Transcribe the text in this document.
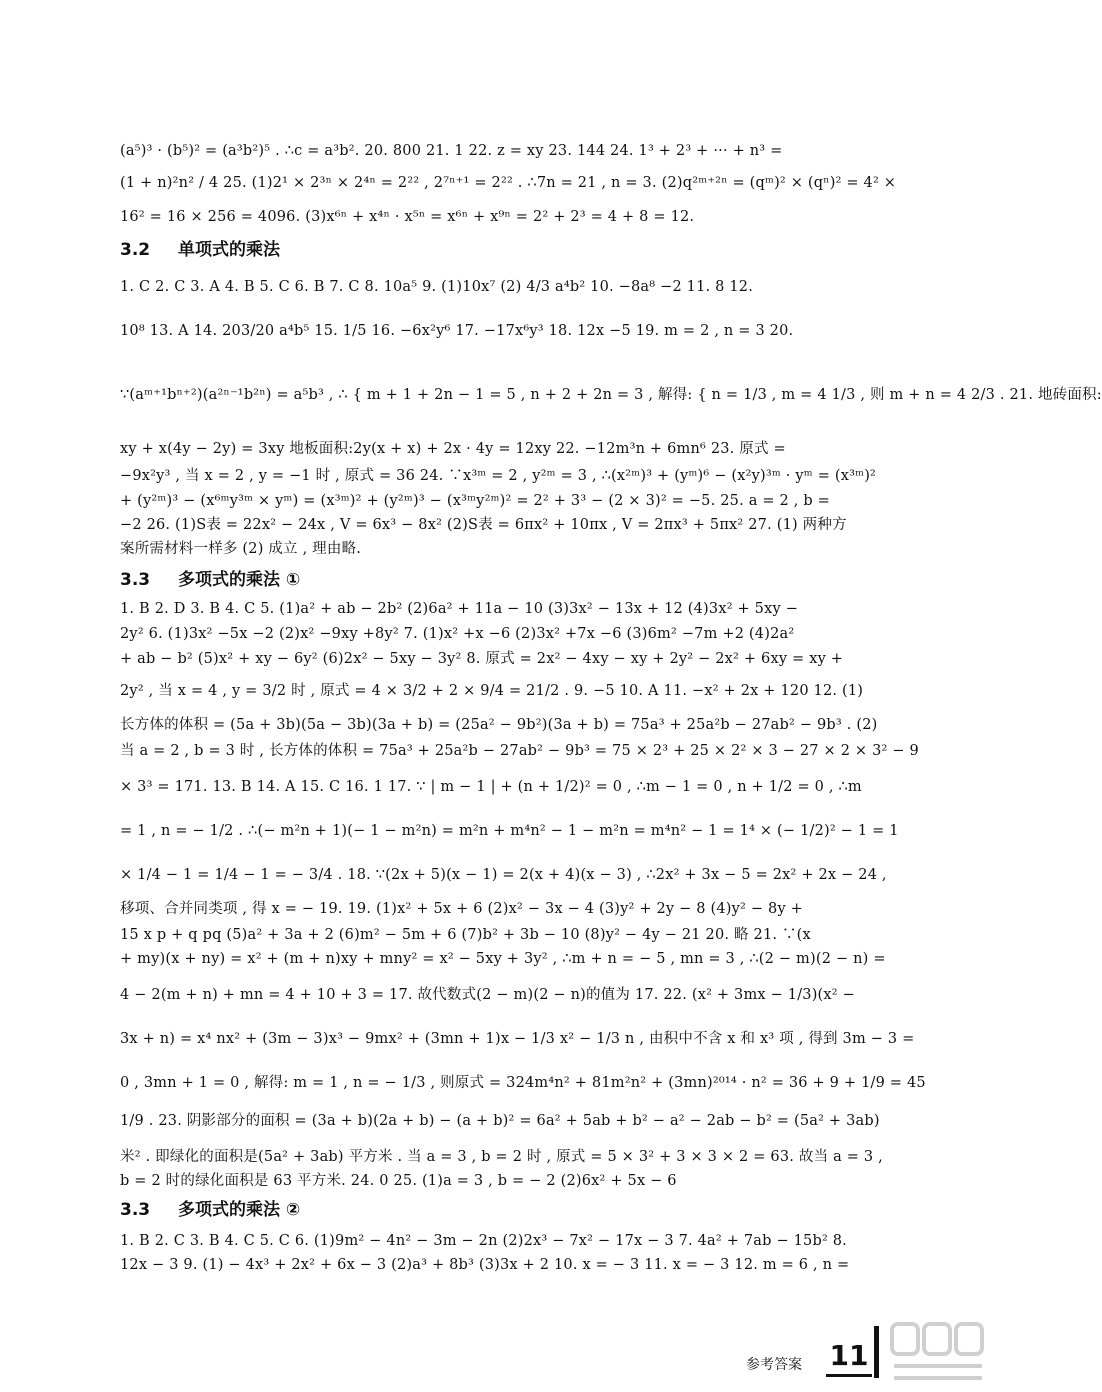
(a⁵)³ · (b⁵)² = (a³b²)⁵ . ∴c = a³b². 20. 800 21. 1 22. z = xy 23. 144 24. 1³ + 2³ + ··· + n³ =
(1 + n)²n² / 4 25. (1)2¹ × 2³ⁿ × 2⁴ⁿ = 2²² , 2⁷ⁿ⁺¹ = 2²² . ∴7n = 21 , n = 3. (2)q²ᵐ⁺²ⁿ = (qᵐ)² × (qⁿ)² = 4² ×
16² = 16 × 256 = 4096. (3)x⁶ⁿ + x⁴ⁿ · x⁵ⁿ = x⁶ⁿ + x⁹ⁿ = 2² + 2³ = 4 + 8 = 12.
3.2 单项式的乘法
1. C 2. C 3. A 4. B 5. C 6. B 7. C 8. 10a⁵ 9. (1)10x⁷ (2) 4/3 a⁴b² 10. −8a⁸ −2 11. 8 12.
10⁸ 13. A 14. 203/20 a⁴b⁵ 15. 1/5 16. −6x²y⁶ 17. −17x⁶y³ 18. 12x −5 19. m = 2 , n = 3 20.
∵(aᵐ⁺¹bⁿ⁺²)(a²ⁿ⁻¹b²ⁿ) = a⁵b³ , ∴ { m + 1 + 2n − 1 = 5 , n + 2 + 2n = 3 , 解得: { n = 1/3 , m = 4 1/3 , 则 m + n = 4 2/3 . 21. 地砖面积:
xy + x(4y − 2y) = 3xy 地板面积:2y(x + x) + 2x · 4y = 12xy 22. −12m³n + 6mn⁶ 23. 原式 =
−9x²y³ , 当 x = 2 , y = −1 时 , 原式 = 36 24. ∵x³ᵐ = 2 , y²ᵐ = 3 , ∴(x²ᵐ)³ + (yᵐ)⁶ − (x²y)³ᵐ · yᵐ = (x³ᵐ)²
+ (y²ᵐ)³ − (x⁶ᵐy³ᵐ × yᵐ) = (x³ᵐ)² + (y²ᵐ)³ − (x³ᵐy²ᵐ)² = 2² + 3³ − (2 × 3)² = −5. 25. a = 2 , b =
−2 26. (1)S表 = 22x² − 24x , V = 6x³ − 8x² (2)S表 = 6πx² + 10πx , V = 2πx³ + 5πx² 27. (1) 两种方
案所需材料一样多 (2) 成立 , 理由略.
3.3 多项式的乘法 ①
1. B 2. D 3. B 4. C 5. (1)a² + ab − 2b² (2)6a² + 11a − 10 (3)3x² − 13x + 12 (4)3x² + 5xy −
2y² 6. (1)3x² −5x −2 (2)x² −9xy +8y² 7. (1)x² +x −6 (2)3x² +7x −6 (3)6m² −7m +2 (4)2a²
+ ab − b² (5)x² + xy − 6y² (6)2x² − 5xy − 3y² 8. 原式 = 2x² − 4xy − xy + 2y² − 2x² + 6xy = xy +
2y² , 当 x = 4 , y = 3/2 时 , 原式 = 4 × 3/2 + 2 × 9/4 = 21/2 . 9. −5 10. A 11. −x² + 2x + 120 12. (1)
长方体的体积 = (5a + 3b)(5a − 3b)(3a + b) = (25a² − 9b²)(3a + b) = 75a³ + 25a²b − 27ab² − 9b³ . (2)
当 a = 2 , b = 3 时 , 长方体的体积 = 75a³ + 25a²b − 27ab² − 9b³ = 75 × 2³ + 25 × 2² × 3 − 27 × 2 × 3² − 9
× 3³ = 171. 13. B 14. A 15. C 16. 1 17. ∵ | m − 1 | + (n + 1/2)² = 0 , ∴m − 1 = 0 , n + 1/2 = 0 , ∴m
= 1 , n = − 1/2 . ∴(− m²n + 1)(− 1 − m²n) = m²n + m⁴n² − 1 − m²n = m⁴n² − 1 = 1⁴ × (− 1/2)² − 1 = 1
× 1/4 − 1 = 1/4 − 1 = − 3/4 . 18. ∵(2x + 5)(x − 1) = 2(x + 4)(x − 3) , ∴2x² + 3x − 5 = 2x² + 2x − 24 ,
移项、合并同类项 , 得 x = − 19. 19. (1)x² + 5x + 6 (2)x² − 3x − 4 (3)y² + 2y − 8 (4)y² − 8y +
15 x p + q pq (5)a² + 3a + 2 (6)m² − 5m + 6 (7)b² + 3b − 10 (8)y² − 4y − 21 20. 略 21. ∵(x
+ my)(x + ny) = x² + (m + n)xy + mny² = x² − 5xy + 3y² , ∴m + n = − 5 , mn = 3 , ∴(2 − m)(2 − n) =
4 − 2(m + n) + mn = 4 + 10 + 3 = 17. 故代数式(2 − m)(2 − n)的值为 17. 22. (x² + 3mx − 1/3)(x² −
3x + n) = x⁴ nx² + (3m − 3)x³ − 9mx² + (3mn + 1)x − 1/3 x² − 1/3 n , 由积中不含 x 和 x³ 项 , 得到 3m − 3 =
0 , 3mn + 1 = 0 , 解得: m = 1 , n = − 1/3 , 则原式 = 324m⁴n² + 81m²n² + (3mn)²⁰¹⁴ · n² = 36 + 9 + 1/9 = 45
1/9 . 23. 阴影部分的面积 = (3a + b)(2a + b) − (a + b)² = 6a² + 5ab + b² − a² − 2ab − b² = (5a² + 3ab)
米² . 即绿化的面积是(5a² + 3ab) 平方米 . 当 a = 3 , b = 2 时 , 原式 = 5 × 3² + 3 × 3 × 2 = 63. 故当 a = 3 ,
b = 2 时的绿化面积是 63 平方米. 24. 0 25. (1)a = 3 , b = − 2 (2)6x² + 5x − 6
3.3 多项式的乘法 ②
1. B 2. C 3. B 4. C 5. C 6. (1)9m² − 4n² − 3m − 2n (2)2x³ − 7x² − 17x − 3 7. 4a² + 7ab − 15b² 8.
12x − 3 9. (1) − 4x³ + 2x² + 6x − 3 (2)a³ + 8b³ (3)3x + 2 10. x = − 3 11. x = − 3 12. m = 6 , n =
参考答案 11
